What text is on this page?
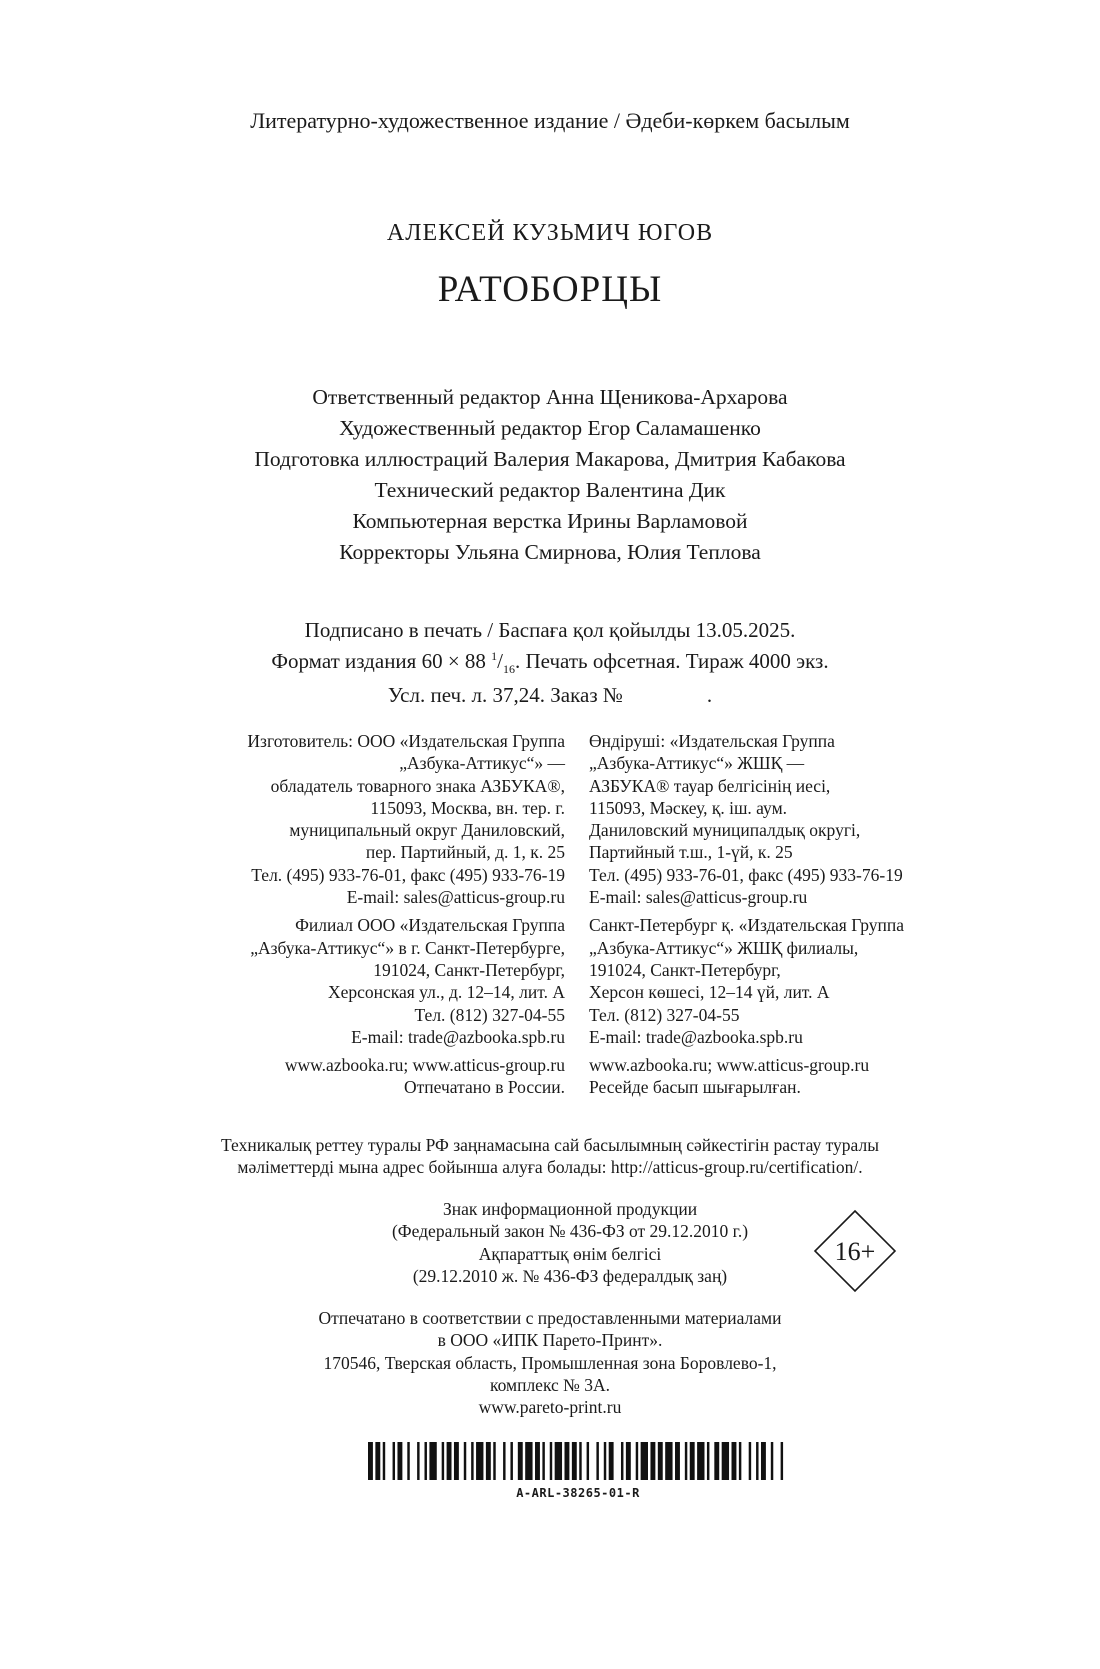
Литературно-художественное издание / Әдеби-көркем басылым
АЛЕКСЕЙ КУЗЬМИЧ ЮГОВ
РАТОБОРЦЫ
Ответственный редактор Анна Щеникова-Архарова
Художественный редактор Егор Саламашенко
Подготовка иллюстраций Валерия Макарова, Дмитрия Кабакова
Технический редактор Валентина Дик
Компьютерная верстка Ирины Варламовой
Корректоры Ульяна Смирнова, Юлия Теплова
Подписано в печать / Баспаға қол қойылды 13.05.2025.
Формат издания 60 × 88 $^1/_{16}$. Печать офсетная. Тираж 4000 экз.
Усл. печ. л. 37,24. Заказ №                .
Изготовитель: ООО «Издательская Группа
„Азбука-Аттикус“» —
обладатель товарного знака АЗБУКА®,
115093, Москва, вн. тер. г.
муниципальный округ Даниловский,
пер. Партийный, д. 1, к. 25
Тел. (495) 933-76-01, факс (495) 933-76-19
E-mail: sales@atticus-group.ru
Филиал ООО «Издательская Группа
„Азбука-Аттикус“» в г. Санкт-Петербурге,
191024, Санкт-Петербург,
Херсонская ул., д. 12–14, лит. А
Тел. (812) 327-04-55
E-mail: trade@azbooka.spb.ru
www.azbooka.ru; www.atticus-group.ru
Отпечатано в России.
Өндіруші: «Издательская Группа
„Азбука-Аттикус“» ЖШҚ —
АЗБУКА® тауар белгісінің иесі,
115093, Мәскеу, қ. іш. аум.
Даниловский муниципалдық округі,
Партийный т.ш., 1-үй, к. 25
Тел. (495) 933-76-01, факс (495) 933-76-19
E-mail: sales@atticus-group.ru
Санкт-Петербург қ. «Издательская Группа
„Азбука-Аттикус“» ЖШҚ филиалы,
191024, Санкт-Петербург,
Херсон көшесі, 12–14 үй, лит. А
Тел. (812) 327-04-55
E-mail: trade@azbooka.spb.ru
www.azbooka.ru; www.atticus-group.ru
Ресейде басып шығарылған.
Техникалық реттеу туралы РФ заңнамасына сай басылымның сәйкестігін растау туралы
мәліметтерді мына адрес бойынша алуға болады: http://atticus-group.ru/certification/.
Знак информационной продукции
(Федеральный закон № 436-ФЗ от 29.12.2010 г.)
Ақпараттық өнім белгісі
(29.12.2010 ж. № 436-ФЗ федералдық заң)
16+
Отпечатано в соответствии с предоставленными материалами
в ООО «ИПК Парето-Принт».
170546, Тверская область, Промышленная зона Боровлево-1,
комплекс № 3А.
www.pareto-print.ru
A-ARL-38265-01-R
